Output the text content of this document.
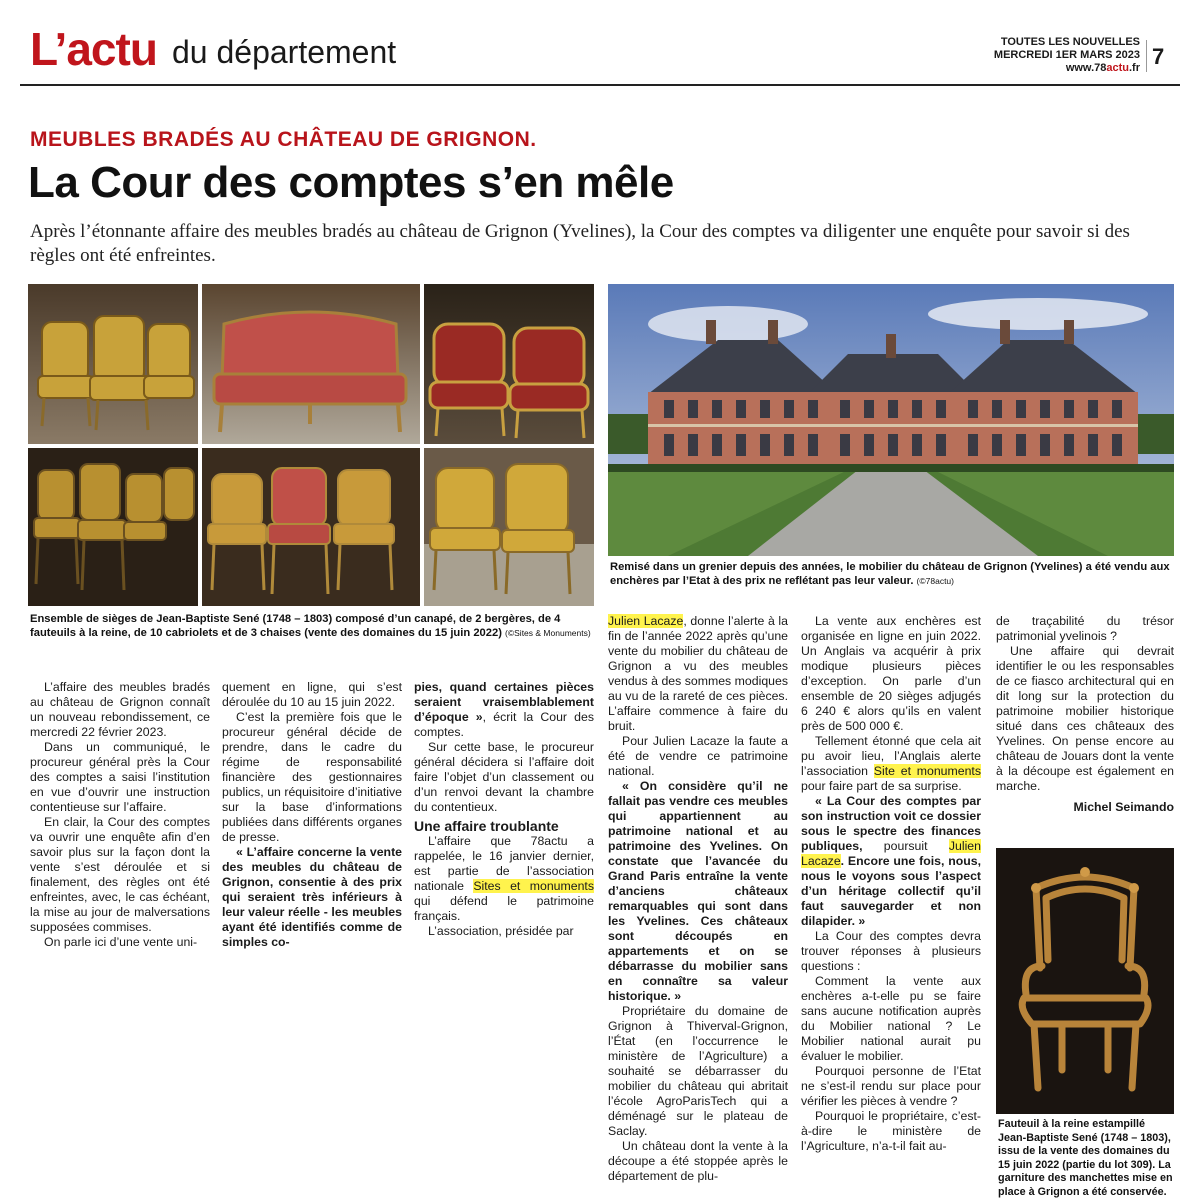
L’actu du département	TOUTES LES NOUVELLES
MERCREDI 1ER MARS 2023
www.78actu.fr 7
MEUBLES BRADÉS AU CHÂTEAU DE GRIGNON.
La Cour des comptes s’en mêle
Après l’étonnante affaire des meubles bradés au château de Grignon (Yvelines), la Cour des comptes va diligenter une enquête pour savoir si des règles ont été enfreintes.
Ensemble de sièges de Jean-Baptiste Sené (1748 – 1803) composé d’un canapé, de 2 bergères, de 4 fauteuils à la reine, de 10 cabriolets et de 3 chaises (vente des domaines du 15 juin 2022) (©Sites & Monuments)
Remisé dans un grenier depuis des années, le mobilier du château de Grignon (Yvelines) a été vendu aux enchères par l’Etat à des prix ne reflétant pas leur valeur. (©78actu)

L’affaire des meubles bradés au château de Grignon connaît un nouveau rebondissement, ce mercredi 22 février 2023.

Dans un communiqué, le procureur général près la Cour des comptes a saisi l’institution en vue d’ouvrir une instruction contentieuse sur l’affaire.

En clair, la Cour des comptes va ouvrir une enquête afin d’en savoir plus sur la façon dont la vente s’est déroulée et si finalement, des règles ont été enfreintes, avec, le cas échéant, la mise au jour de malversations supposées commises.

On parle ici d’une vente uni-

quement en ligne, qui s’est déroulée du 10 au 15 juin 2022.

C’est la première fois que le procureur général décide de prendre, dans le cadre du régime de responsabilité financière des gestionnaires publics, un réquisitoire d’initiative sur la base d’informations publiées dans différents organes de presse.

« L’affaire concerne la vente des meubles du château de Grignon, consentie à des prix qui seraient très inférieurs à leur valeur réelle - les meubles ayant été identifiés comme de simples co-

pies, quand certaines pièces seraient vraisemblablement d’époque », écrit la Cour des comptes.

Sur cette base, le procureur général décidera si l’affaire doit faire l’objet d’un classement ou d’un renvoi devant la chambre du contentieux.

Une affaire troublante

L’affaire que 78actu a rappelée, le 16 janvier dernier, est partie de l’association nationale Sites et monuments qui défend le patrimoine français.

L’association, présidée par

Julien Lacaze, donne l’alerte à la fin de l’année 2022 après qu’une vente du mobilier du château de Grignon a vu des meubles vendus à des sommes modiques au vu de la rareté de ces pièces. L’affaire commence à faire du bruit.

Pour Julien Lacaze la faute a été de vendre ce patrimoine national.

« On considère qu’il ne fallait pas vendre ces meubles qui appartiennent au patrimoine national et au patrimoine des Yvelines. On constate que l’avancée du Grand Paris entraîne la vente d’anciens châteaux remarquables qui sont dans les Yvelines. Ces châteaux sont découpés en appartements et on se débarrasse du mobilier sans en connaître sa valeur historique. »

Propriétaire du domaine de Grignon à Thiverval-Grignon, l’État (en l’occurrence le ministère de l’Agriculture) a souhaité se débarrasser du mobilier du château qui abritait l’école AgroParisTech qui a déménagé sur le plateau de Saclay.

Un château dont la vente à la découpe a été stoppée après le département de plu-

La vente aux enchères est organisée en ligne en juin 2022. Un Anglais va acquérir à prix modique plusieurs pièces d’exception. On parle d’un ensemble de 20 sièges adjugés 6 240 € alors qu’ils en valent près de 500 000 €.

Tellement étonné que cela ait pu avoir lieu, l’Anglais alerte l’association Site et monuments pour faire part de sa surprise.

« La Cour des comptes par son instruction voit ce dossier sous le spectre des finances publiques, poursuit Julien Lacaze. Encore une fois, nous, nous le voyons sous l’aspect d’un héritage collectif qu’il faut sauvegarder et non dilapider. »

La Cour des comptes devra trouver réponses à plusieurs questions :

Comment la vente aux enchères a-t-elle pu se faire sans aucune notification auprès du Mobilier national ? Le Mobilier national aurait pu évaluer le mobilier.

Pourquoi personne de l’Etat ne s’est-il rendu sur place pour vérifier les pièces à vendre ?

Pourquoi le propriétaire, c’est-à-dire le ministère de l’Agriculture, n’a-t-il fait au-

de traçabilité du trésor patrimonial yvelinois ?

Une affaire qui devrait identifier le ou les responsables de ce fiasco architectural qui en dit long sur la protection du patrimoine mobilier historique situé dans ces châteaux des Yvelines. On pense encore au château de Jouars dont la vente à la découpe est également en marche.

Michel Seimando

Fauteuil à la reine estampillé Jean-Baptiste Sené (1748 – 1803), issu de la vente des domaines du 15 juin 2022 (partie du lot 309). La garniture des manchettes mise en place à Grignon a été conservée.
